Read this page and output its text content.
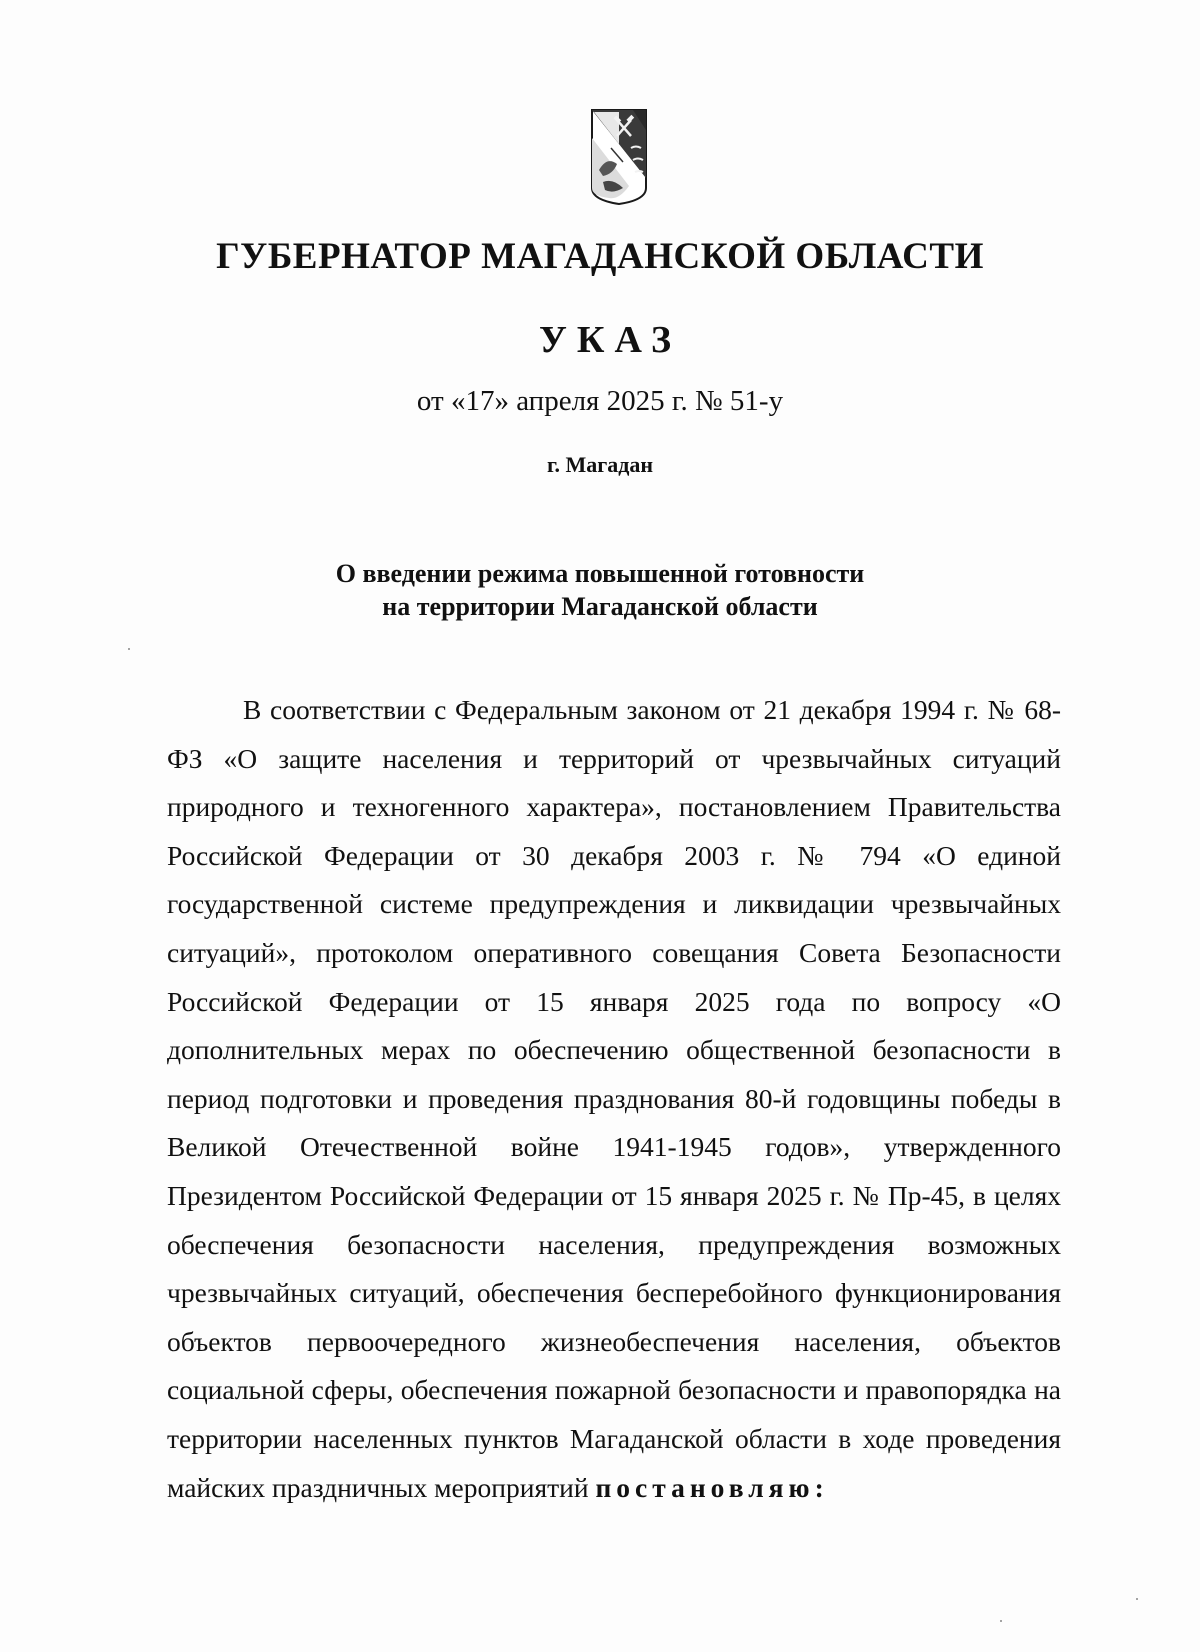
ГУБЕРНАТОР МАГАДАНСКОЙ ОБЛАСТИ
УКАЗ
от «17» апреля 2025 г. № 51-у
г. Магадан
О введении режима повышенной готовности
на территории Магаданской области

В соответствии с Федеральным законом от 21 декабря 1994 г. № 68-ФЗ «О защите населения и территорий от чрезвычайных ситуаций природного и техногенного характера», постановлением Правительства Российской Федерации от 30 декабря 2003 г. № 794 «О единой государственной системе предупреждения и ликвидации чрезвычайных ситуаций», протоколом оперативного совещания Совета Безопасности Российской Федерации от 15 января 2025 года по вопросу «О дополнительных мерах по обеспечению общественной безопасности в период подготовки и проведения празднования 80-й годовщины победы в Великой Отечественной войне 1941-1945 годов», утвержденного Президентом Российской Федерации от 15 января 2025 г. № Пр-45, в целях обеспечения безопасности населения, предупреждения возможных чрезвычайных ситуаций, обеспечения бесперебойного функционирования объектов первоочередного жизнеобеспечения населения, объектов социальной сферы, обеспечения пожарной безопасности и правопорядка на территории населенных пунктов Магаданской области в ходе проведения майских праздничных мероприятий постановляю:
